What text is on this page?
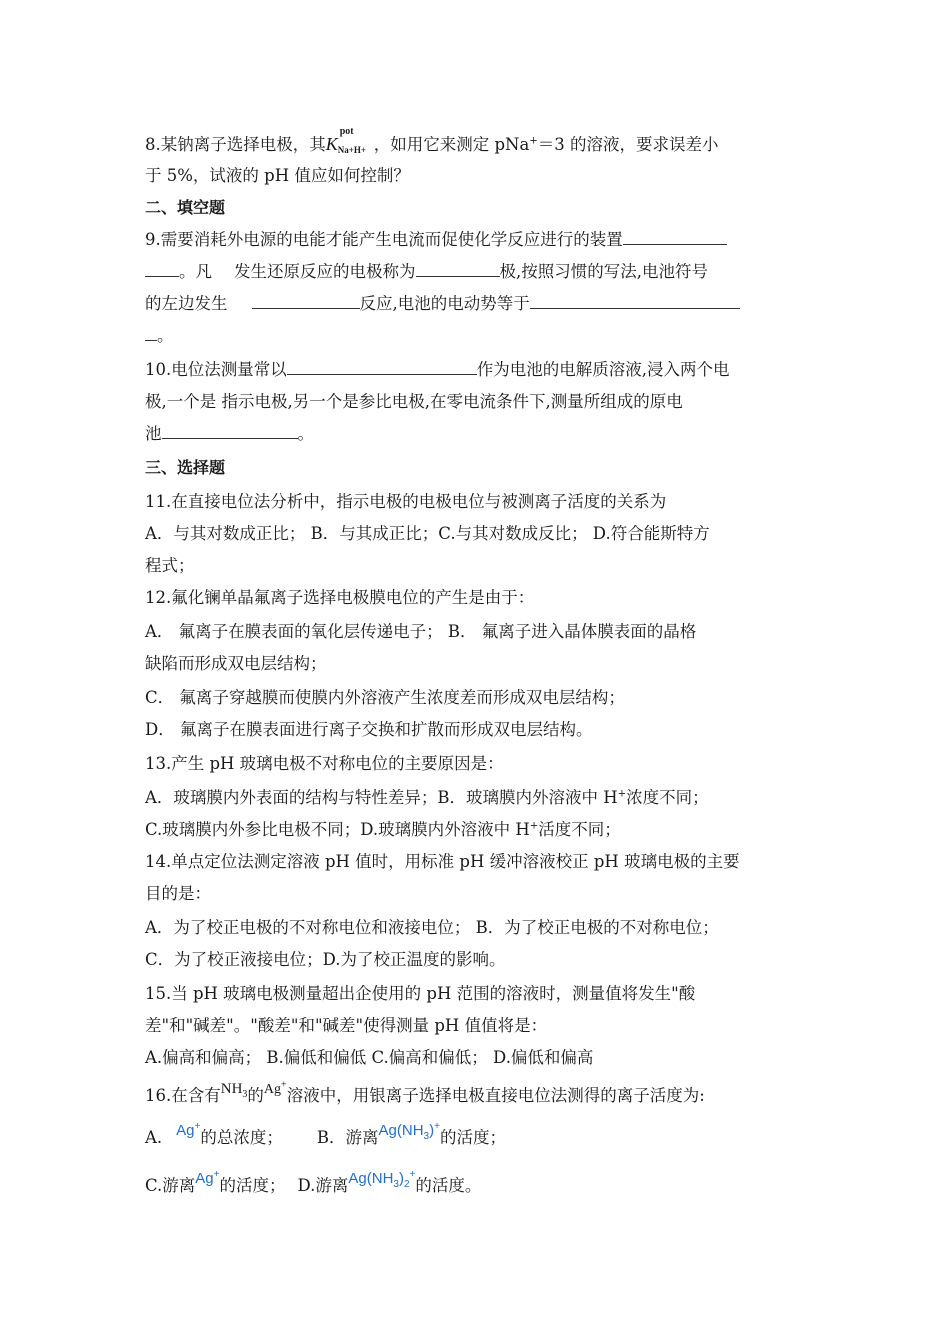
8.某钠离子选择电极，其K
pot
Na+H+ ，如用它来测定 pNa+＝3 的溶液，要求误差小
于 5%，试液的 pH 值应如何控制？
二、填空题
9.需要消耗外电源的电能才能产生电流而促使化学反应进行的装置
。凡 发生还原反应的电极称为	极,按照习惯的写法,电池符号
的左边发生	反应,电池的电动势等于
。
10.电位法测量常以	作为电池的电解质溶液,浸入两个电
极,一个是 指示电极,另一个是参比电极,在零电流条件下,测量所组成的原电
池	。
三、选择题
11.在直接电位法分析中，指示电极的电极电位与被测离子活度的关系为
A．与其对数成正比； B．与其成正比；C.与其对数成反比； D.符合能斯特方
程式；
12.氟化镧单晶氟离子选择电极膜电位的产生是由于：
A． 氟离子在膜表面的氧化层传递电子； B． 氟离子进入晶体膜表面的晶格
缺陷而形成双电层结构；
C． 氟离子穿越膜而使膜内外溶液产生浓度差而形成双电层结构；
D． 氟离子在膜表面进行离子交换和扩散而形成双电层结构。
13.产生 pH 玻璃电极不对称电位的主要原因是：
A．玻璃膜内外表面的结构与特性差异；B．玻璃膜内外溶液中 H+浓度不同；
C.玻璃膜内外参比电极不同；D.玻璃膜内外溶液中 H+活度不同；
14.单点定位法测定溶液 pH 值时，用标准 pH 缓冲溶液校正 pH 玻璃电极的主要
目的是：
A．为了校正电极的不对称电位和液接电位； B．为了校正电极的不对称电位；
C．为了校正液接电位；D.为了校正温度的影响。
15.当 pH 玻璃电极测量超出企使用的 pH 范围的溶液时，测量值将发生"酸
差"和"碱差"。"酸差"和"碱差"使得测量 pH 值值将是：
A.偏高和偏高； B.偏低和偏低 C.偏高和偏低； D.偏低和偏高
16.在含有$NH_3$的$^{Ag^+}$溶液中，用银离子选择电极直接电位法测得的离子活度为:
A. Ag+的总浓度； B．游离$Ag(NH_3)^+$的活度；
C.游离Ag+的活度； D.游离$Ag(NH_3)_2^+$的活度。
